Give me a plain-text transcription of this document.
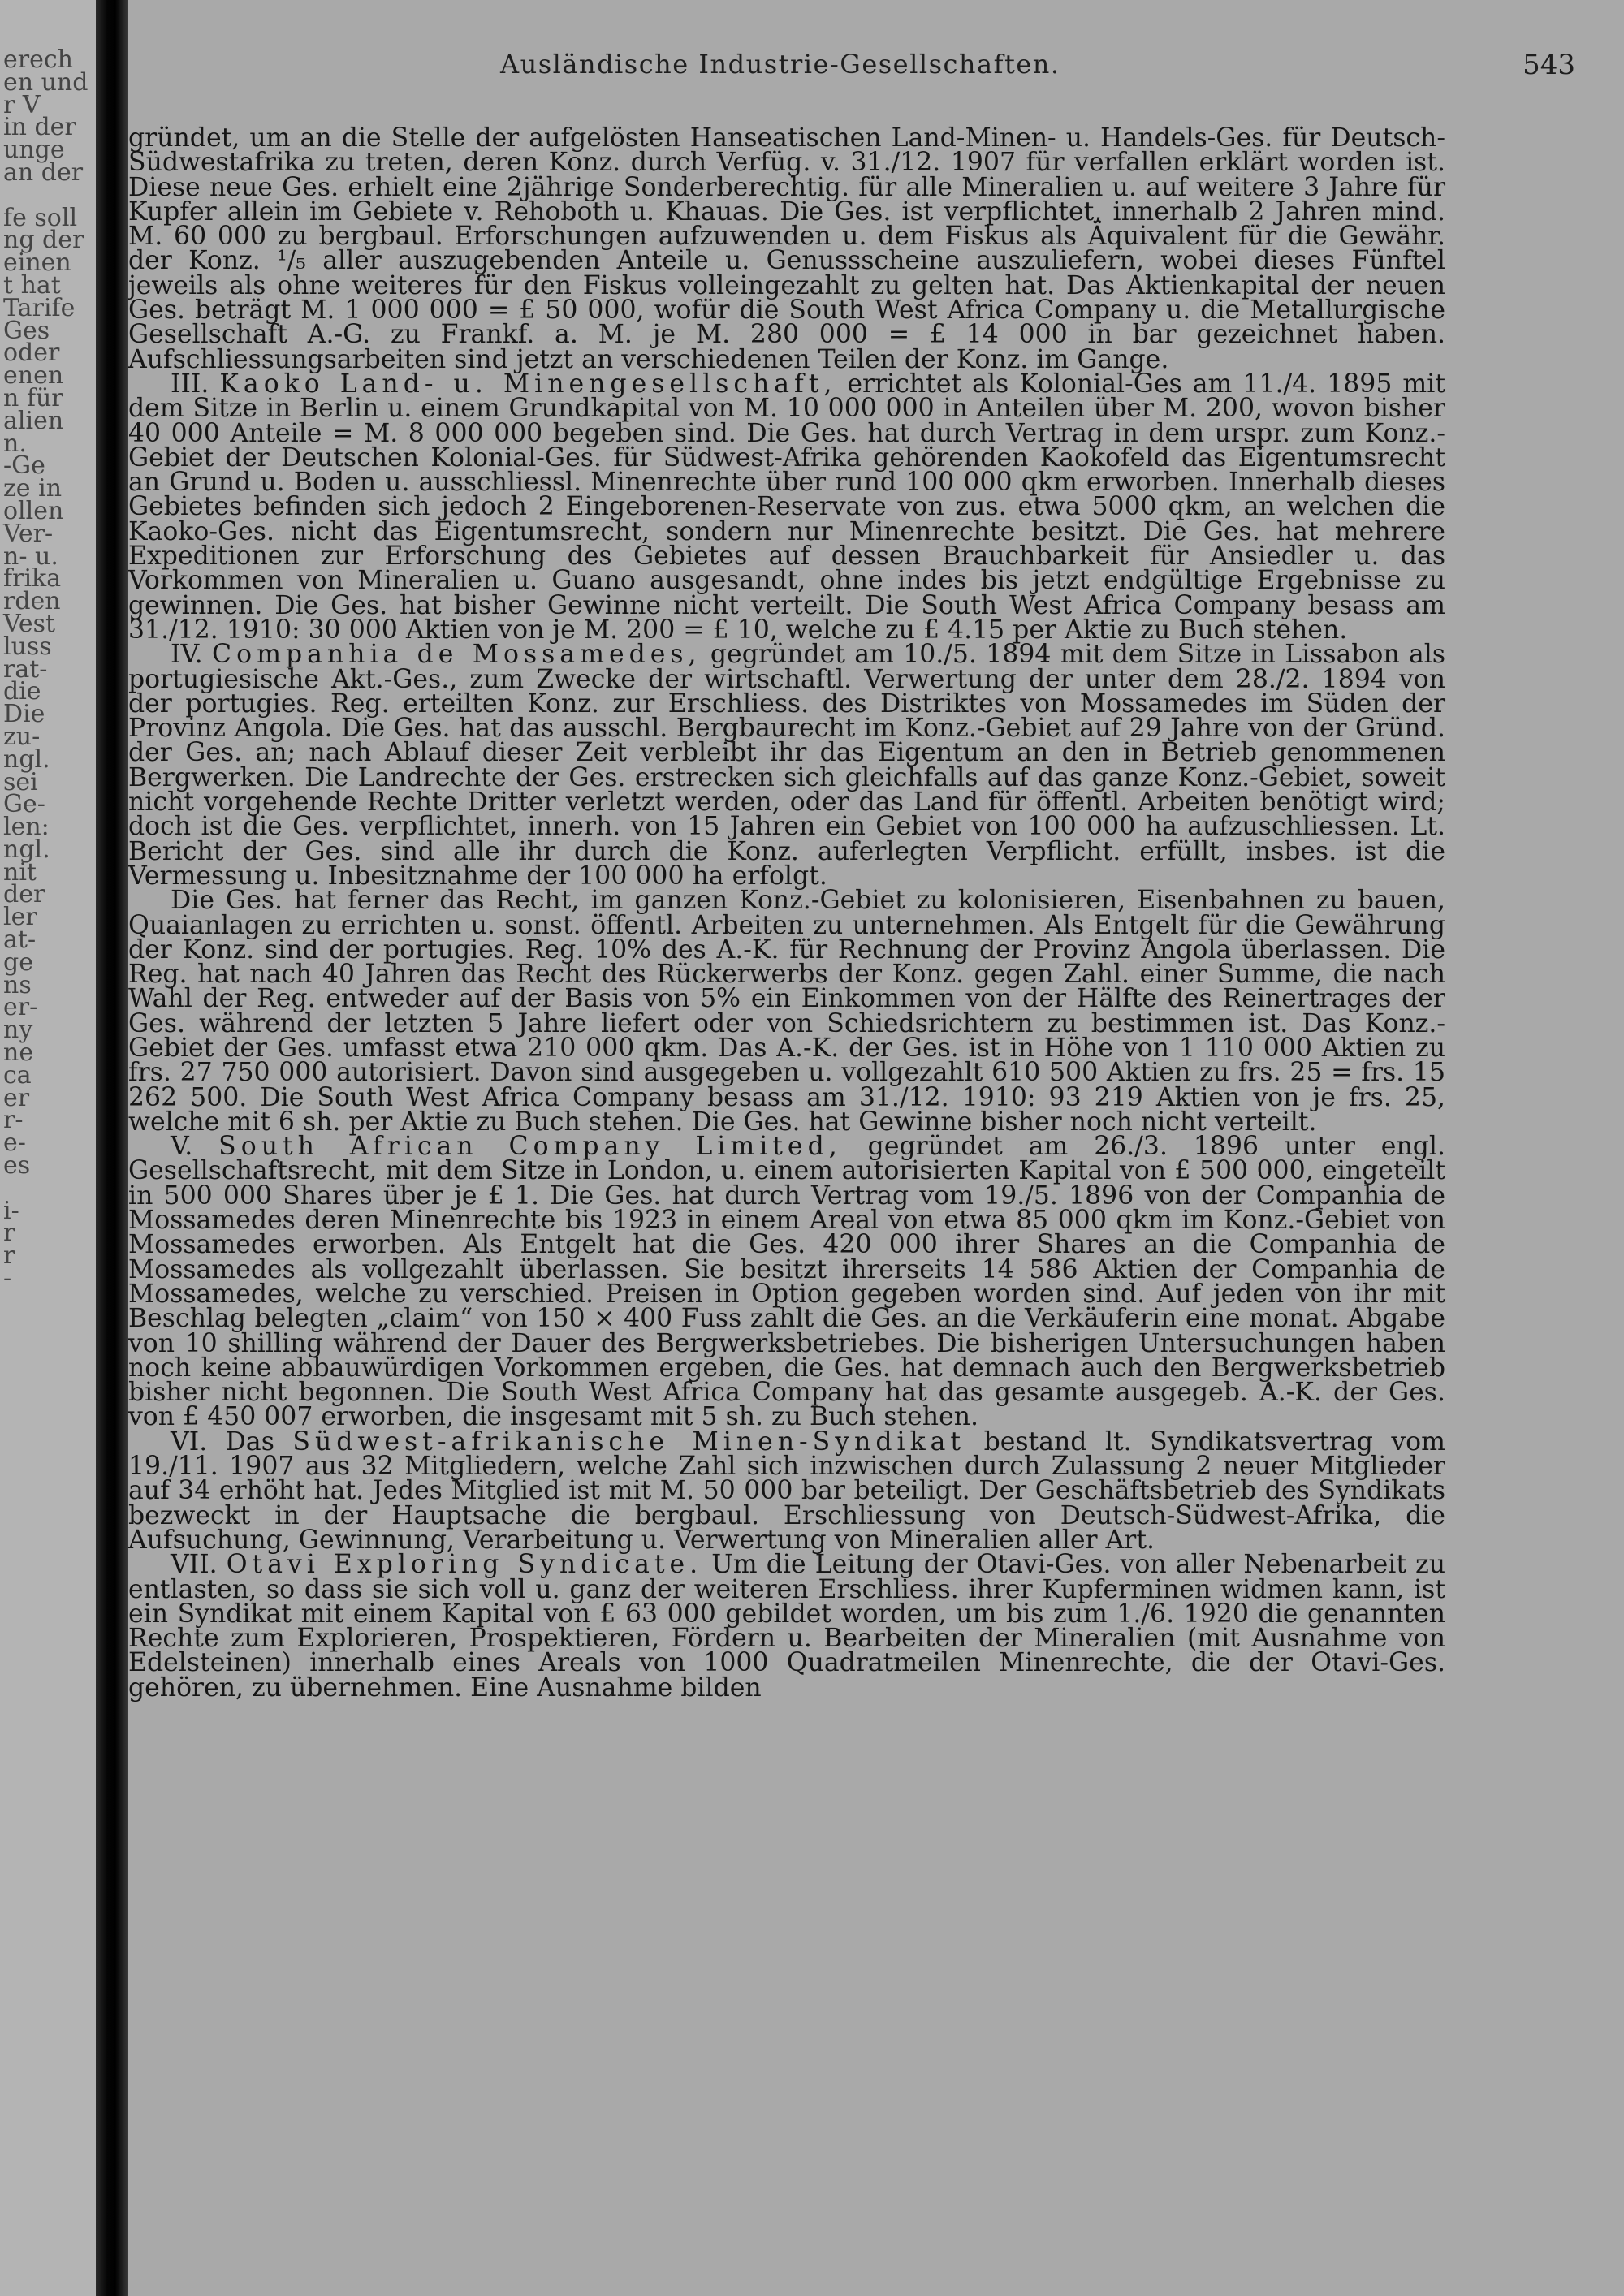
erech
en und
r V
in der
unge
an der

fe soll
ng der
einen
t hat
Tarife
Ges
oder
enen
n für
alien
n.
-Ge
ze in
ollen
Ver-
n- u.
frika
rden
Vest
luss
rat-
die
Die
zu-
ngl.
sei
Ge-
len:
ngl.
nit
der
ler
at-
ge
ns
er-
ny
ne
ca
er
r-
e-
es

i-
r
r
-
Ausländische Industrie-Gesellschaften.	543

gründet, um an die Stelle der aufgelösten Hanseatischen Land-Minen- u. Handels-Ges. für Deutsch-Südwestafrika zu treten, deren Konz. durch Verfüg. v. 31./12. 1907 für verfallen erklärt worden ist. Diese neue Ges. erhielt eine 2jährige Sonderberechtig. für alle Mineralien u. auf weitere 3 Jahre für Kupfer allein im Gebiete v. Rehoboth u. Khauas. Die Ges. ist verpflichtet, innerhalb 2 Jahren mind. M. 60 000 zu bergbaul. Erforschungen aufzuwenden u. dem Fiskus als Äquivalent für die Gewähr. der Konz. ¹/₅ aller auszugebenden Anteile u. Genussscheine auszuliefern, wobei dieses Fünftel jeweils als ohne weiteres für den Fiskus volleingezahlt zu gelten hat. Das Aktienkapital der neuen Ges. beträgt M. 1 000 000 = £ 50 000, wofür die South West Africa Company u. die Metallurgische Gesellschaft A.-G. zu Frankf. a. M. je M. 280 000 = £ 14 000 in bar gezeichnet haben. Aufschliessungsarbeiten sind jetzt an verschiedenen Teilen der Konz. im Gange.

III. Kaoko Land- u. Minengesellschaft, errichtet als Kolonial-Ges am 11./4. 1895 mit dem Sitze in Berlin u. einem Grundkapital von M. 10 000 000 in Anteilen über M. 200, wovon bisher 40 000 Anteile = M. 8 000 000 begeben sind. Die Ges. hat durch Vertrag in dem urspr. zum Konz.-Gebiet der Deutschen Kolonial-Ges. für Südwest-Afrika gehörenden Kaokofeld das Eigentumsrecht an Grund u. Boden u. ausschliessl. Minenrechte über rund 100 000 qkm erworben. Innerhalb dieses Gebietes befinden sich jedoch 2 Eingeborenen-Reservate von zus. etwa 5000 qkm, an welchen die Kaoko-Ges. nicht das Eigentumsrecht, sondern nur Minenrechte besitzt. Die Ges. hat mehrere Expeditionen zur Erforschung des Gebietes auf dessen Brauchbarkeit für Ansiedler u. das Vorkommen von Mineralien u. Guano ausgesandt, ohne indes bis jetzt endgültige Ergebnisse zu gewinnen. Die Ges. hat bisher Gewinne nicht verteilt. Die South West Africa Company besass am 31./12. 1910: 30 000 Aktien von je M. 200 = £ 10, welche zu £ 4.15 per Aktie zu Buch stehen.

IV. Companhia de Mossamedes, gegründet am 10./5. 1894 mit dem Sitze in Lissabon als portugiesische Akt.-Ges., zum Zwecke der wirtschaftl. Verwertung der unter dem 28./2. 1894 von der portugies. Reg. erteilten Konz. zur Erschliess. des Distriktes von Mossamedes im Süden der Provinz Angola. Die Ges. hat das ausschl. Bergbaurecht im Konz.-Gebiet auf 29 Jahre von der Gründ. der Ges. an; nach Ablauf dieser Zeit verbleibt ihr das Eigentum an den in Betrieb genommenen Bergwerken. Die Landrechte der Ges. erstrecken sich gleichfalls auf das ganze Konz.-Gebiet, soweit nicht vorgehende Rechte Dritter verletzt werden, oder das Land für öffentl. Arbeiten benötigt wird; doch ist die Ges. verpflichtet, innerh. von 15 Jahren ein Gebiet von 100 000 ha aufzuschliessen. Lt. Bericht der Ges. sind alle ihr durch die Konz. auferlegten Verpflicht. erfüllt, insbes. ist die Vermessung u. Inbesitznahme der 100 000 ha erfolgt.

Die Ges. hat ferner das Recht, im ganzen Konz.-Gebiet zu kolonisieren, Eisenbahnen zu bauen, Quaianlagen zu errichten u. sonst. öffentl. Arbeiten zu unternehmen. Als Entgelt für die Gewährung der Konz. sind der portugies. Reg. 10% des A.-K. für Rechnung der Provinz Angola überlassen. Die Reg. hat nach 40 Jahren das Recht des Rückerwerbs der Konz. gegen Zahl. einer Summe, die nach Wahl der Reg. entweder auf der Basis von 5% ein Einkommen von der Hälfte des Reinertrages der Ges. während der letzten 5 Jahre liefert oder von Schiedsrichtern zu bestimmen ist. Das Konz.-Gebiet der Ges. umfasst etwa 210 000 qkm. Das A.-K. der Ges. ist in Höhe von 1 110 000 Aktien zu frs. 27 750 000 autorisiert. Davon sind ausgegeben u. vollgezahlt 610 500 Aktien zu frs. 25 = frs. 15 262 500. Die South West Africa Company besass am 31./12. 1910: 93 219 Aktien von je frs. 25, welche mit 6 sh. per Aktie zu Buch stehen. Die Ges. hat Gewinne bisher noch nicht verteilt.

V. South African Company Limited, gegründet am 26./3. 1896 unter engl. Gesellschaftsrecht, mit dem Sitze in London, u. einem autorisierten Kapital von £ 500 000, eingeteilt in 500 000 Shares über je £ 1. Die Ges. hat durch Vertrag vom 19./5. 1896 von der Companhia de Mossamedes deren Minenrechte bis 1923 in einem Areal von etwa 85 000 qkm im Konz.-Gebiet von Mossamedes erworben. Als Entgelt hat die Ges. 420 000 ihrer Shares an die Companhia de Mossamedes als vollgezahlt überlassen. Sie besitzt ihrerseits 14 586 Aktien der Companhia de Mossamedes, welche zu verschied. Preisen in Option gegeben worden sind. Auf jeden von ihr mit Beschlag belegten „claim“ von 150 × 400 Fuss zahlt die Ges. an die Verkäuferin eine monat. Abgabe von 10 shilling während der Dauer des Bergwerksbetriebes. Die bisherigen Untersuchungen haben noch keine abbauwürdigen Vorkommen ergeben, die Ges. hat demnach auch den Bergwerksbetrieb bisher nicht begonnen. Die South West Africa Company hat das gesamte ausgegeb. A.-K. der Ges. von £ 450 007 erworben, die insgesamt mit 5 sh. zu Buch stehen.

VI. Das Südwest-afrikanische Minen-Syndikat bestand lt. Syndikatsvertrag vom 19./11. 1907 aus 32 Mitgliedern, welche Zahl sich inzwischen durch Zulassung 2 neuer Mitglieder auf 34 erhöht hat. Jedes Mitglied ist mit M. 50 000 bar beteiligt. Der Geschäftsbetrieb des Syndikats bezweckt in der Hauptsache die bergbaul. Erschliessung von Deutsch-Südwest-Afrika, die Aufsuchung, Gewinnung, Verarbeitung u. Verwertung von Mineralien aller Art.

VII. Otavi Exploring Syndicate. Um die Leitung der Otavi-Ges. von aller Nebenarbeit zu entlasten, so dass sie sich voll u. ganz der weiteren Erschliess. ihrer Kupferminen widmen kann, ist ein Syndikat mit einem Kapital von £ 63 000 gebildet worden, um bis zum 1./6. 1920 die genannten Rechte zum Explorieren, Prospektieren, Fördern u. Bearbeiten der Mineralien (mit Ausnahme von Edelsteinen) innerhalb eines Areals von 1000 Quadratmeilen Minenrechte, die der Otavi-Ges. gehören, zu übernehmen. Eine Ausnahme bilden
